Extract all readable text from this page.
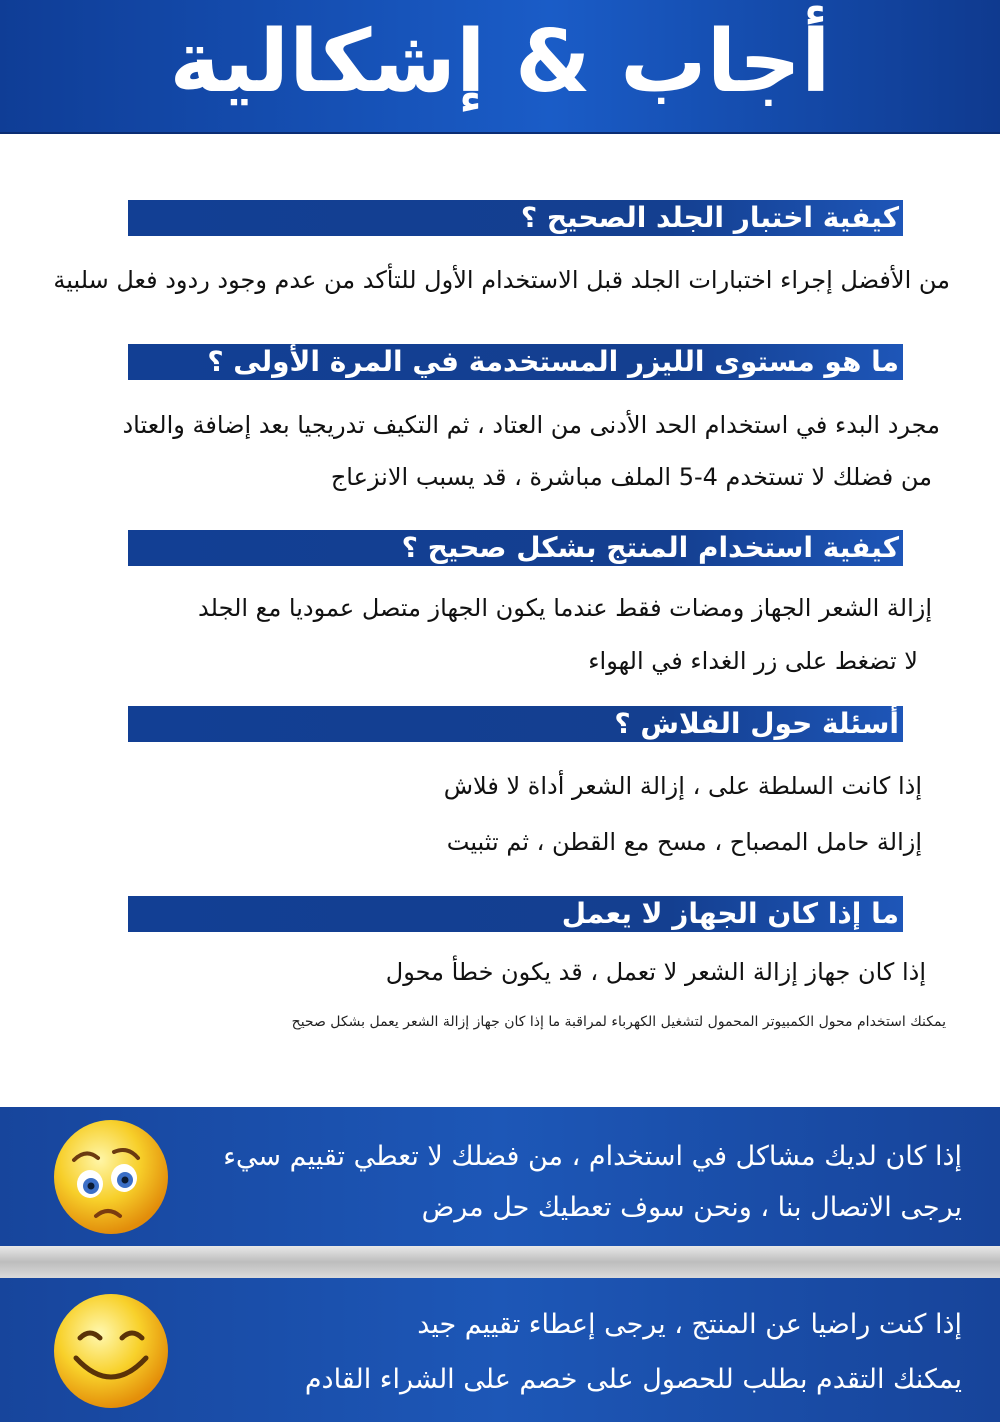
أجاب & إشكالية
كيفية اختبار الجلد الصحيح ؟
من الأفضل إجراء اختبارات الجلد قبل الاستخدام الأول للتأكد من عدم وجود ردود فعل سلبية
ما هو مستوى الليزر المستخدمة في المرة الأولى ؟
مجرد البدء في استخدام الحد الأدنى من العتاد ، ثم التكيف تدريجيا بعد إضافة والعتاد
من فضلك لا تستخدم 4-5 الملف مباشرة ، قد يسبب الانزعاج
كيفية استخدام المنتج بشكل صحيح ؟
إزالة الشعر الجهاز ومضات فقط عندما يكون الجهاز متصل عموديا مع الجلد
لا تضغط على زر الغداء في الهواء
أسئلة حول الفلاش ؟
إذا كانت السلطة على ، إزالة الشعر أداة لا فلاش
إزالة حامل المصباح ، مسح مع القطن ، ثم تثبيت
ما إذا كان الجهاز لا يعمل
إذا كان جهاز إزالة الشعر لا تعمل ، قد يكون خطأ محول
يمكنك استخدام محول الكمبيوتر المحمول لتشغيل الكهرباء لمراقبة ما إذا كان جهاز إزالة الشعر يعمل بشكل صحيح
إذا كان لديك مشاكل في استخدام ، من فضلك لا تعطي تقييم سيء
يرجى الاتصال بنا ، ونحن سوف تعطيك حل مرض
إذا كنت راضيا عن المنتج ، يرجى إعطاء تقييم جيد
يمكنك التقدم بطلب للحصول على خصم على الشراء القادم
